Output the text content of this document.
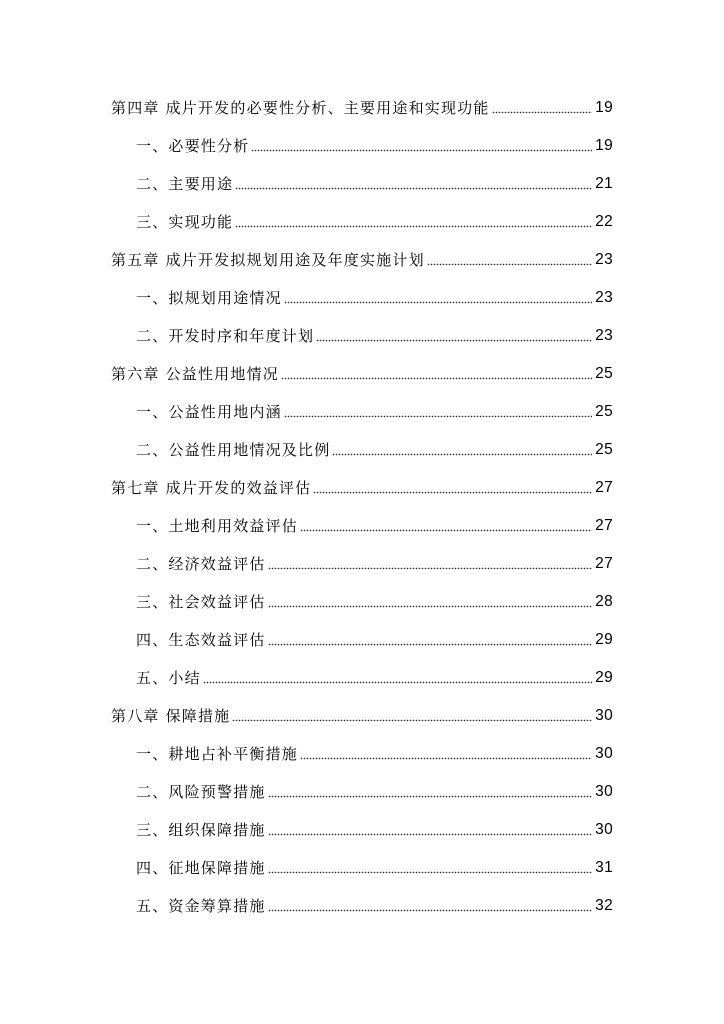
第四章 成片开发的必要性分析、主要用途和实现功能	19
一、必要性分析	19
二、主要用途	21
三、实现功能	22
第五章 成片开发拟规划用途及年度实施计划	23
一、拟规划用途情况	23
二、开发时序和年度计划	23
第六章 公益性用地情况	25
一、公益性用地内涵	25
二、公益性用地情况及比例	25
第七章 成片开发的效益评估	27
一、土地利用效益评估	27
二、经济效益评估	27
三、社会效益评估	28
四、生态效益评估	29
五、小结	29
第八章 保障措施	30
一、耕地占补平衡措施	30
二、风险预警措施	30
三、组织保障措施	30
四、征地保障措施	31
五、资金筹算措施	32
